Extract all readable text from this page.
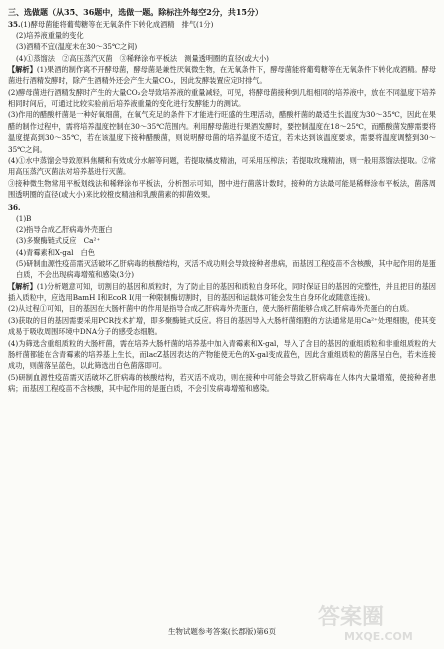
三、选做题（从35、36题中，选做一题。除标注外每空2分，共15分）
35.(1)酵母菌能将葡萄糖等在无氧条件下转化成酒精　排气(1分)
(2)培养液重量的变化
(3)酒精不宜(温度未在30～35℃之间)
(4)①蒸馏法　②高压蒸汽灭菌　③稀释涂布平板法　测量透明圈的直径(或大小)

【解析】(1)果酒的制作离不开酵母菌，酵母菌是兼性厌氧微生物，在无氧条件下，酵母菌能将葡萄糖等在无氧条件下转化成酒精。酵母菌进行酒精发酵时，除产生酒精外还会产生大量CO₂，因此发酵装置应定时排气。

(2)酵母菌进行酒精发酵时产生的大量CO₂会导致培养液的重量减轻，可见，将酵母菌接种到几组相同的培养液中，放在不同温度下培养相同时间后，可通过比较实验前后培养液重量的变化进行发酵能力的测试。

(3)作用的醋酸杆菌是一种好氧细菌，在氧气充足的条件下才能进行旺盛的生理活动，醋酸杆菌的最适生长温度为30～35℃，因此在果醋的制作过程中，需将培养温度控制在30～35℃范围内。利用酵母菌进行果酒发酵时，要控制温度在18～25℃，而醋酸菌发酵需要将温度提高到30～35℃，若在该温度下接种醋酸菌，则说明酵母菌的培养温度不适宜，若未达到该温度要求，需要将温度调整到30～35℃之间。

(4)①水中蒸馏会导致原料焦糊和有效成分水解等问题，若提取橘皮精油，可采用压榨法；若提取玫瑰精油，则一般用蒸馏法提取。②常用高压蒸汽灭菌法对培养基进行灭菌。

③接种微生物常用平板划线法和稀释涂布平板法，分析图示可知，图中进行菌落计数时，接种的方法最可能是稀释涂布平板法，菌落周围透明圈的直径(或大小)来比较橙皮精油和乳酸菌素的抑菌效果。

36.
(1)B
(2)指导合成乙肝病毒外壳蛋白
(3)多聚酶链式反应　Ca²⁺
(4)青霉素和X-gal　白色

(5)研制血源性疫苗需灭活破坏乙肝病毒的核酸结构，灭活不成功则会导致接种者患病，而基因工程疫苗不含核酸，其中起作用的是蛋白质，不会出现病毒增殖和感染(3分)

【解析】(1)分析题意可知，切割目的基因和质粒时，为了防止目的基因和质粒自身环化，同时保证目的基因的完整性，并且把目的基因插入质粒中，应选用BamH I和EcoR I(用一种限制酶切割时，目的基因和运载体可能会发生自身环化或随意连接)。

(2)从过程①可知，目的基因在大肠杆菌中的作用是指导合成乙肝病毒外壳蛋白，使大肠杆菌能够合成乙肝病毒外壳蛋白的白质。

(3)获取的目的基因需要采用PCR技术扩增，即多聚酶链式反应。将目的基因导入大肠杆菌细胞的方法通常是用Ca²⁺处理细胞，使其变成易于吸收周围环境中DNA分子的感受态细胞。

(4)为筛选含重组质粒的大肠杆菌，需在培养大肠杆菌的培养基中加入青霉素和X-gal，导入了含目的基因的重组质粒和非重组质粒的大肠杆菌都能在含青霉素的培养基上生长，而lacZ基因表达的产物能使无色的X-gal变成蓝色，因此含重组质粒的菌落呈白色，若未连接成功，则菌落呈蓝色，以此筛选出白色菌落即可。

(5)研制血源性疫苗需灭活破坏乙肝病毒的核酸结构，若灭活不成功，则在接种中可能会导致乙肝病毒在人体内大量增殖，使接种者患病；而基因工程疫苗不含核酸，其中起作用的是蛋白质，不会引发病毒增殖和感染。

生物试题参考答案(长郡版)第6页
答案圈
MXQE.COM
